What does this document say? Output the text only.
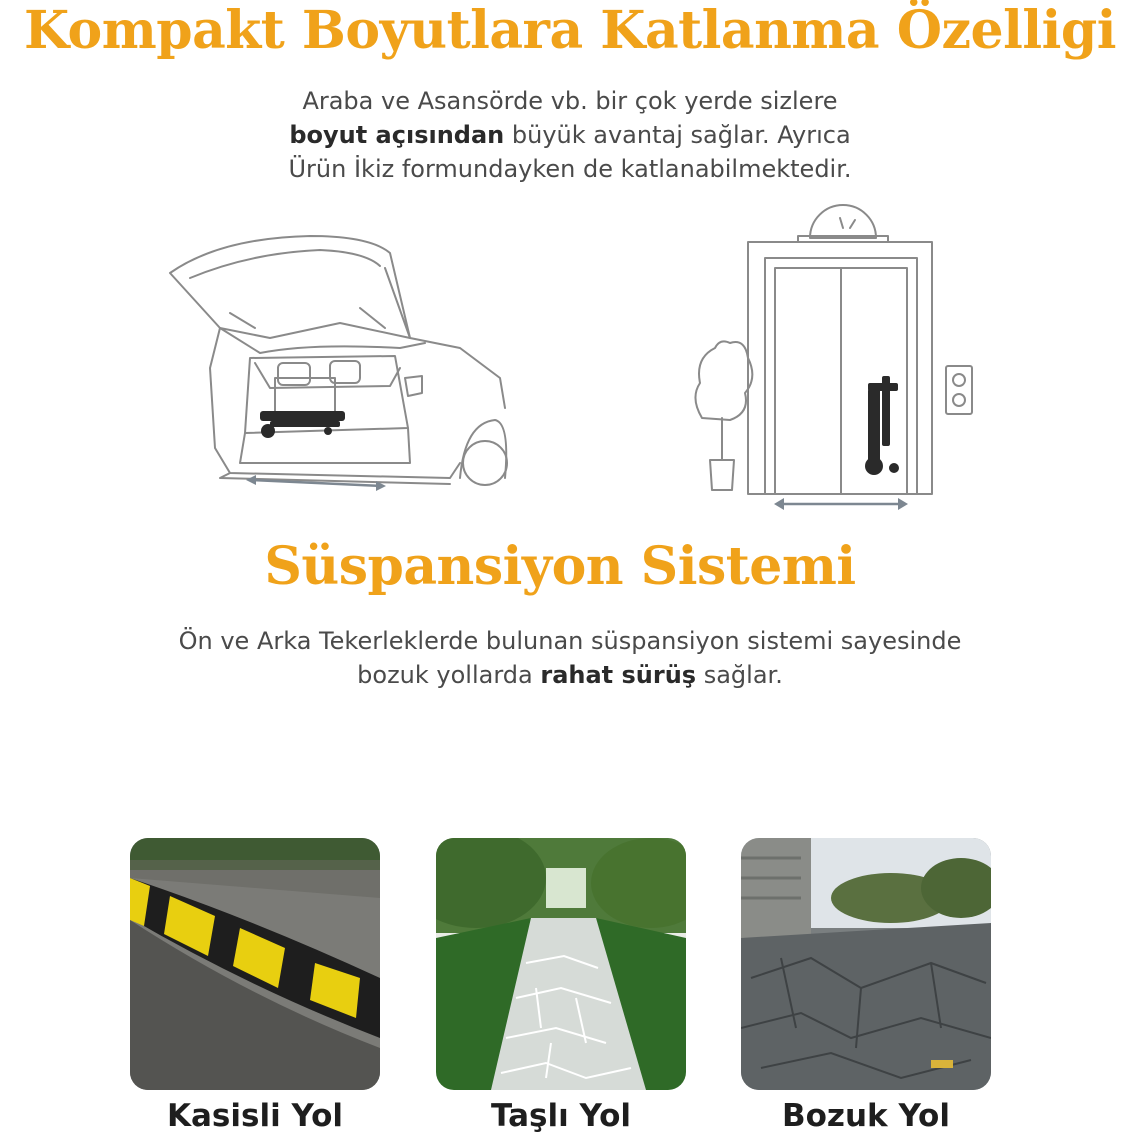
Kompakt Boyutlara Katlanma Özelligi
Araba ve Asansörde vb. bir çok yerde sizlere
boyut açısından büyük avantaj sağlar. Ayrıca
Ürün İkiz formundayken de katlanabilmektedir.
Süspansiyon Sistemi
Ön ve Arka Tekerleklerde bulunan süspansiyon sistemi sayesinde
bozuk yollarda rahat sürüş sağlar.
Kasisli Yol	Taşlı Yol	Bozuk Yol
